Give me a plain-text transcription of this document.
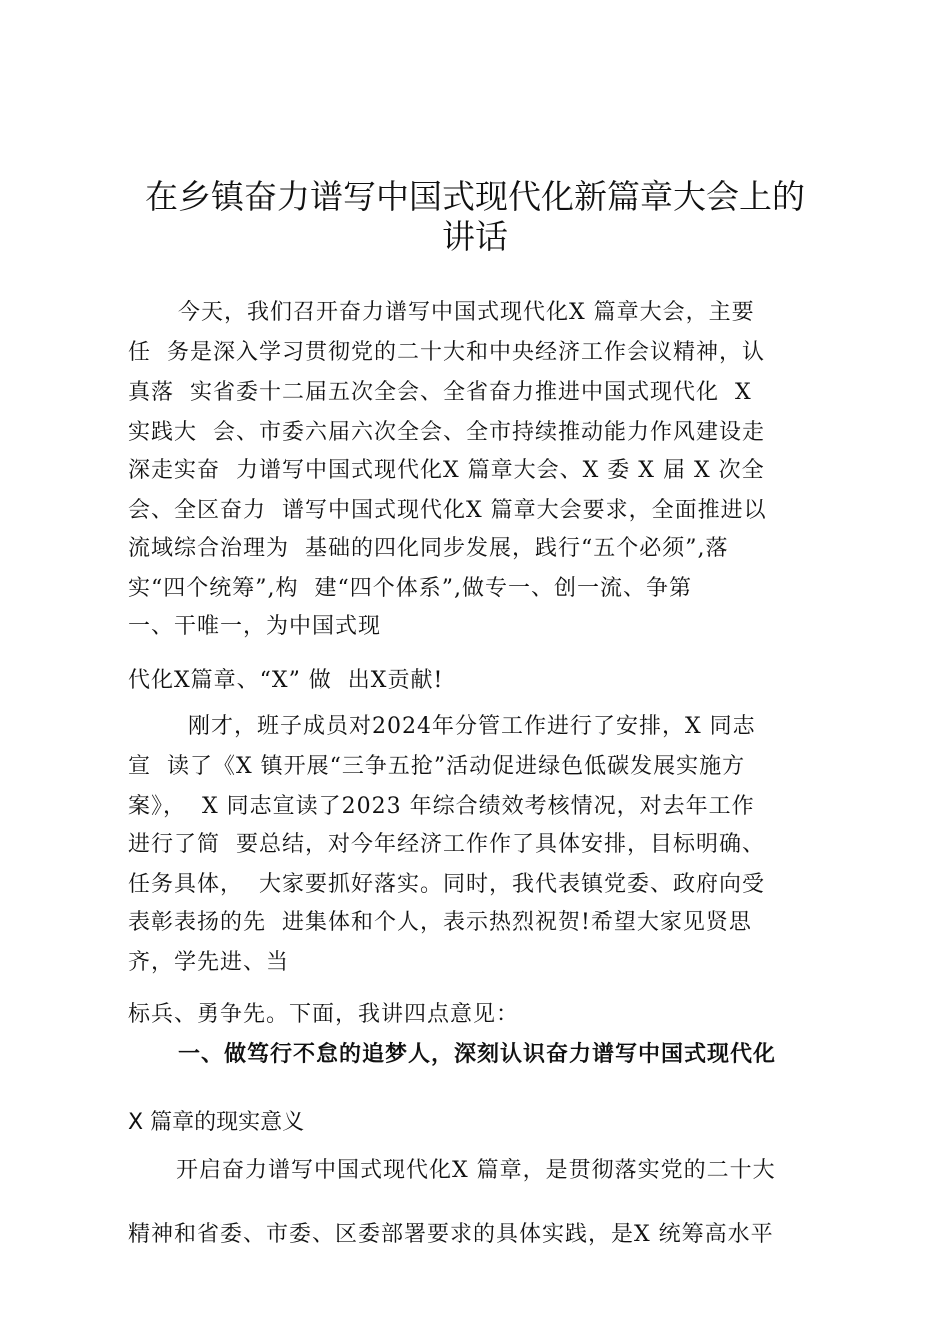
在乡镇奋力谱写中国式现代化新篇章大会上的
讲话

今天，我们召开奋力谱写中国式现代化X 篇章大会，主要

任  务是深入学习贯彻党的二十大和中央经济工作会议精神，认

真落  实省委十二届五次全会、全省奋力推进中国式现代化  X

实践大  会、市委六届六次全会、全市持续推动能力作风建设走

深走实奋  力谱写中国式现代化X 篇章大会、X 委 X 届 X 次全

会、全区奋力  谱写中国式现代化X 篇章大会要求，全面推进以

流域综合治理为  基础的四化同步发展，践行“五个必须”,落

实“四个统筹”,构  建“四个体系”,做专一、创一流、争第

一、干唯一，为中国式现

代化X篇章、“X” 做  出X贡献!

刚才，班子成员对2024年分管工作进行了安排，X 同志

宣  读了《X 镇开展“三争五抢”活动促进绿色低碳发展实施方

案》，  X 同志宣读了2023 年综合绩效考核情况，对去年工作

进行了简  要总结，对今年经济工作作了具体安排，目标明确、

任务具体，  大家要抓好落实。同时，我代表镇党委、政府向受

表彰表扬的先  进集体和个人，表示热烈祝贺!希望大家见贤思

齐，学先进、当

标兵、勇争先。下面，我讲四点意见：

一、做笃行不怠的追梦人，深刻认识奋力谱写中国式现代化
X 篇章的现实意义

开启奋力谱写中国式现代化X 篇章，是贯彻落实党的二十大

精神和省委、市委、区委部署要求的具体实践，是X 统筹高水平
